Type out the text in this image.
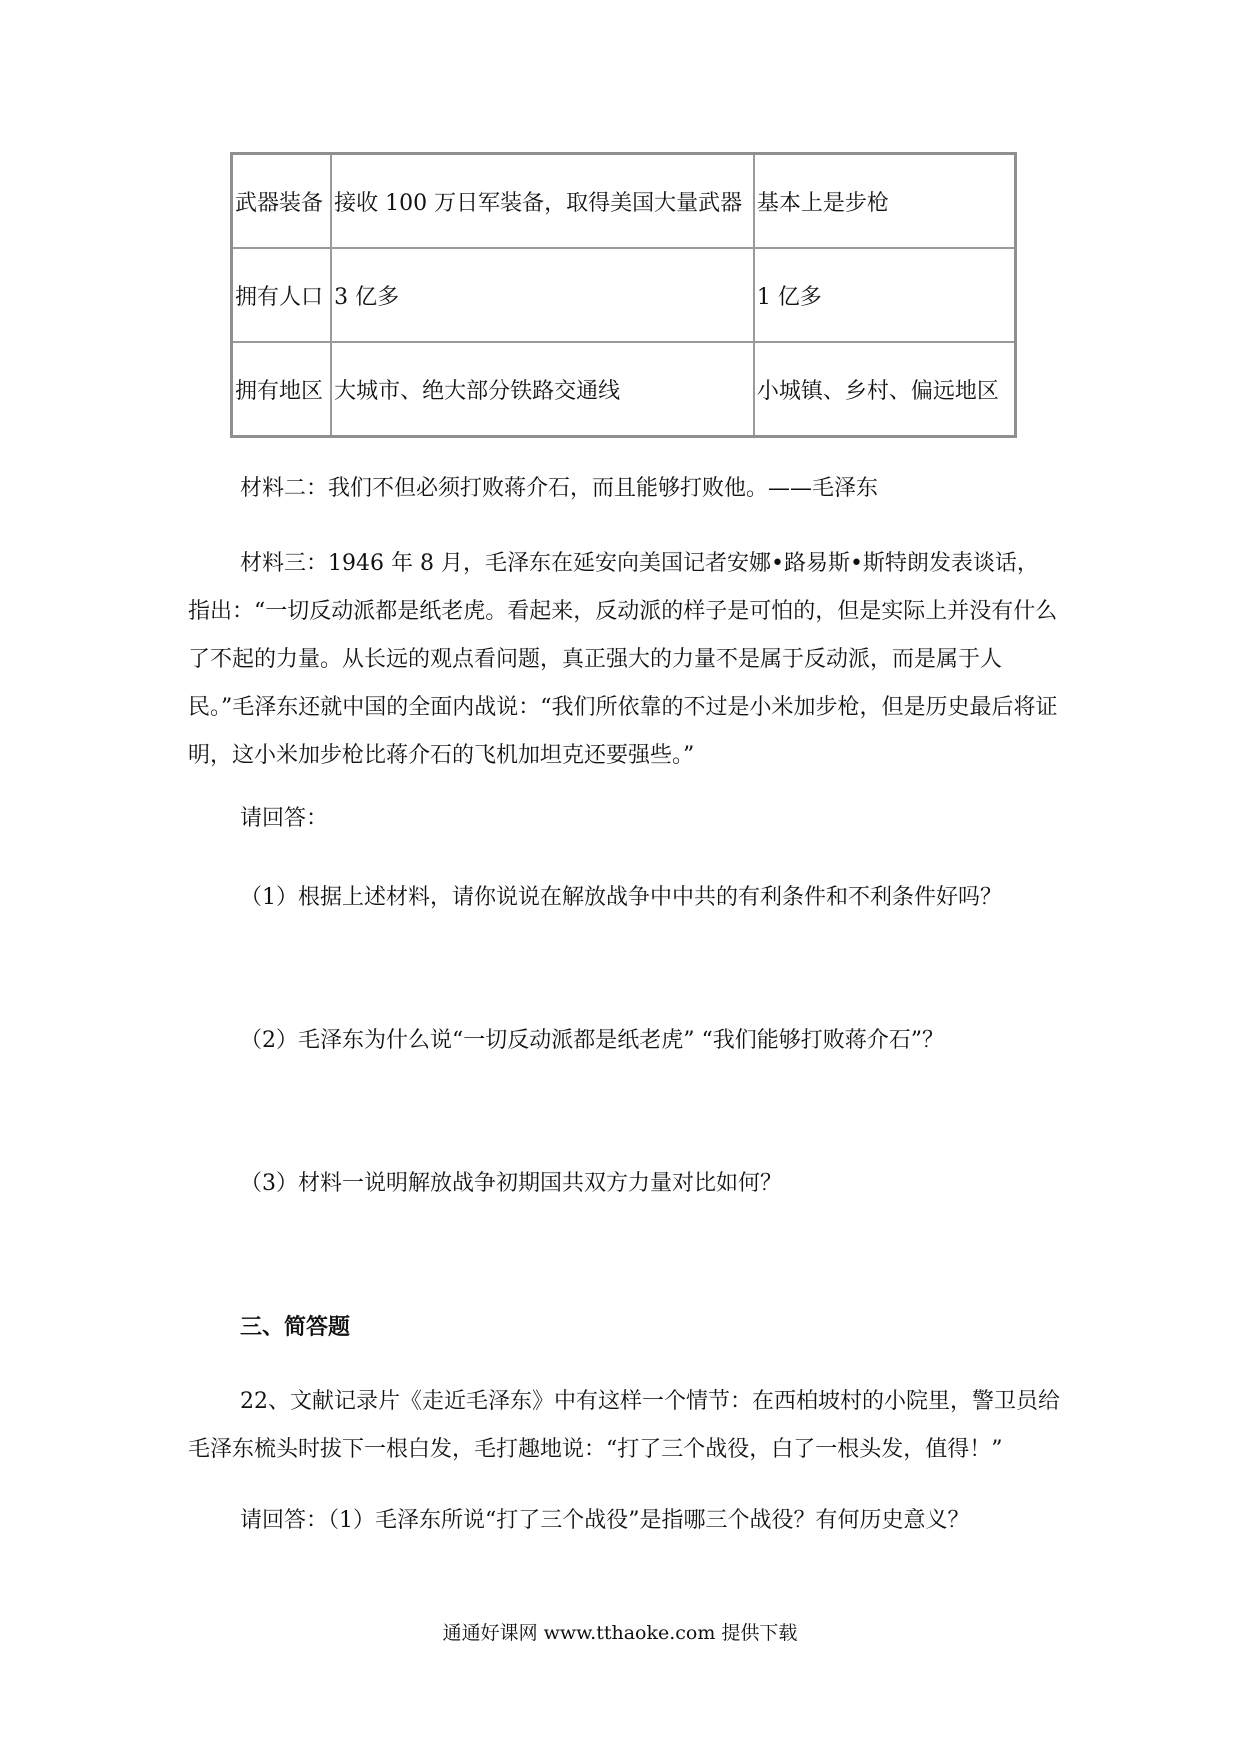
武器装备	接收 100 万日军装备，取得美国大量武器	基本上是步枪
拥有人口	3 亿多	1 亿多
拥有地区	大城市、绝大部分铁路交通线	小城镇、乡村、偏远地区

材料二：我们不但必须打败蒋介石，而且能够打败他。——毛泽东

材料三：1946 年 8 月，毛泽东在延安向美国记者安娜•路易斯•斯特朗发表谈话，指出：“一切反动派都是纸老虎。看起来，反动派的样子是可怕的，但是实际上并没有什么了不起的力量。从长远的观点看问题，真正强大的力量不是属于反动派，而是属于人民。”毛泽东还就中国的全面内战说：“我们所依靠的不过是小米加步枪，但是历史最后将证明，这小米加步枪比蒋介石的飞机加坦克还要强些。”

请回答：

（1）根据上述材料，请你说说在解放战争中中共的有利条件和不利条件好吗？

（2）毛泽东为什么说“一切反动派都是纸老虎” “我们能够打败蒋介石”？

（3）材料一说明解放战争初期国共双方力量对比如何？

三、简答题

22、文献记录片《走近毛泽东》中有这样一个情节：在西柏坡村的小院里，警卫员给毛泽东梳头时拔下一根白发，毛打趣地说：“打了三个战役，白了一根头发，值得！”

请回答：（1）毛泽东所说“打了三个战役”是指哪三个战役？有何历史意义？

通通好课网 www.tthaoke.com 提供下载
